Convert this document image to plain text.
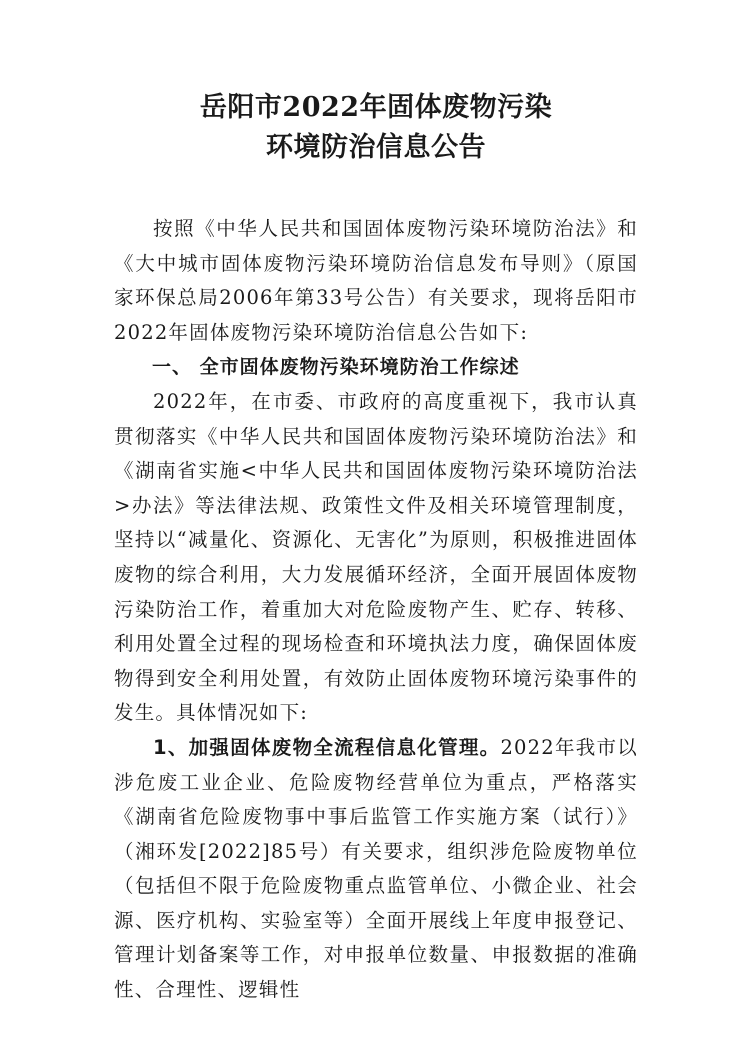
岳阳市2022年固体废物污染
环境防治信息公告

按照《中华人民共和国固体废物污染环境防治法》和《大中城市固体废物污染环境防治信息发布导则》（原国家环保总局2006年第33号公告）有关要求，现将岳阳市2022年固体废物污染环境防治信息公告如下:

一、 全市固体废物污染环境防治工作综述

2022年，在市委、市政府的高度重视下，我市认真贯彻落实《中华人民共和国固体废物污染环境防治法》和《湖南省实施<中华人民共和国固体废物污染环境防治法>办法》等法律法规、政策性文件及相关环境管理制度，坚持以“减量化、资源化、无害化”为原则，积极推进固体废物的综合利用，大力发展循环经济，全面开展固体废物污染防治工作，着重加大对危险废物产生、贮存、转移、利用处置全过程的现场检查和环境执法力度，确保固体废物得到安全利用处置，有效防止固体废物环境污染事件的发生。具体情况如下:

1、加强固体废物全流程信息化管理。2022年我市以涉危废工业企业、危险废物经营单位为重点，严格落实《湖南省危险废物事中事后监管工作实施方案（试行）》（湘环发[2022]85号）有关要求，组织涉危险废物单位（包括但不限于危险废物重点监管单位、小微企业、社会源、医疗机构、实验室等）全面开展线上年度申报登记、管理计划备案等工作，对申报单位数量、申报数据的准确性、合理性、逻辑性
